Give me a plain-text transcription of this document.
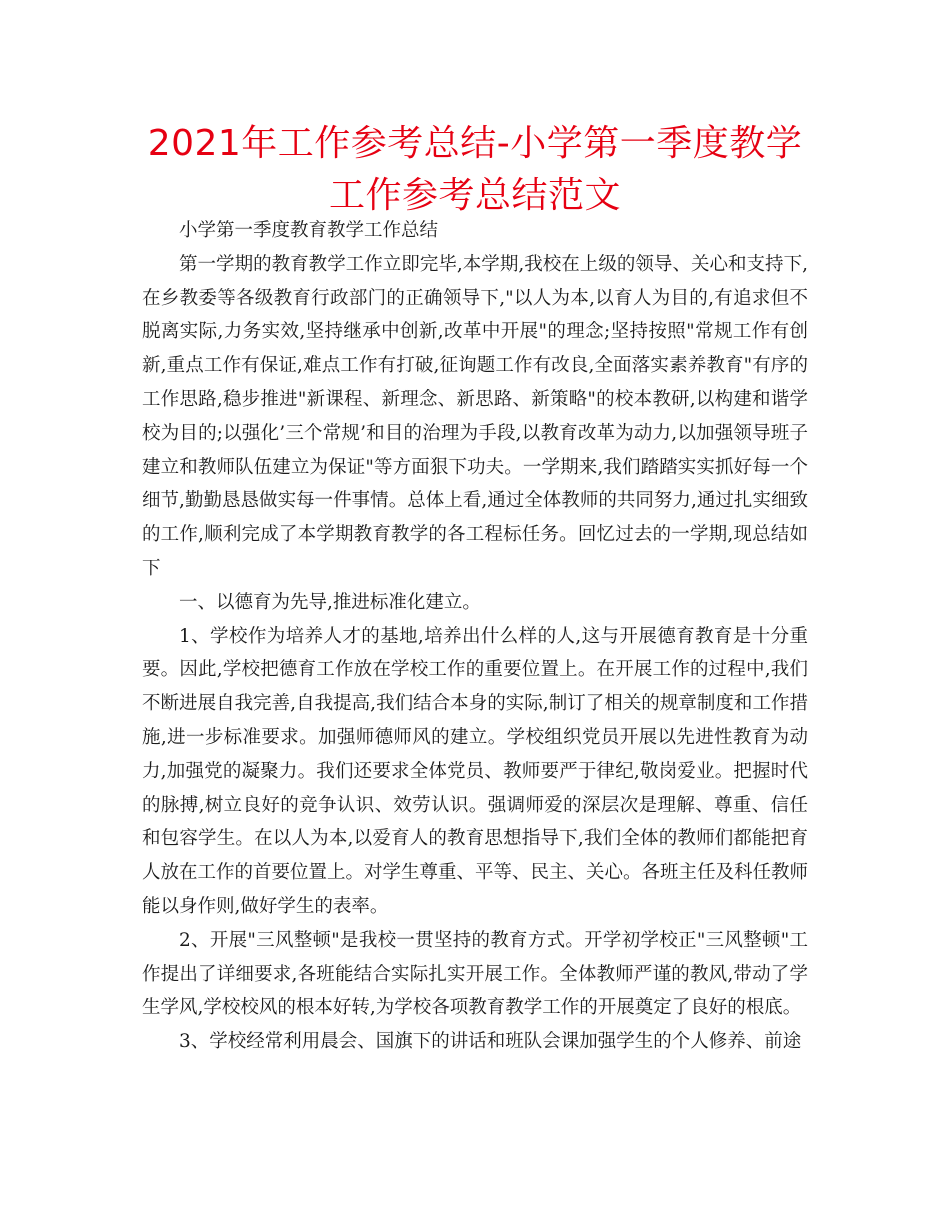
2021年工作参考总结-小学第一季度教学工作参考总结范文

小学第一季度教育教学工作总结

第一学期的教育教学工作立即完毕,本学期,我校在上级的领导、关心和支持下,在乡教委等各级教育行政部门的正确领导下,"以人为本,以育人为目的,有追求但不脱离实际,力务实效,坚持继承中创新,改革中开展"的理念;坚持按照"常规工作有创新,重点工作有保证,难点工作有打破,征询题工作有改良,全面落实素养教育"有序的工作思路,稳步推进"新课程、新理念、新思路、新策略"的校本教研,以构建和谐学校为目的;以强化’三个常规’和目的治理为手段,以教育改革为动力,以加强领导班子建立和教师队伍建立为保证"等方面狠下功夫。一学期来,我们踏踏实实抓好每一个细节,勤勤恳恳做实每一件事情。总体上看,通过全体教师的共同努力,通过扎实细致的工作,顺利完成了本学期教育教学的各工程标任务。回忆过去的一学期,现总结如下

一、以德育为先导,推进标准化建立。

1、学校作为培养人才的基地,培养出什么样的人,这与开展德育教育是十分重要。因此,学校把德育工作放在学校工作的重要位置上。在开展工作的过程中,我们不断进展自我完善,自我提高,我们结合本身的实际,制订了相关的规章制度和工作措施,进一步标准要求。加强师德师风的建立。学校组织党员开展以先进性教育为动力,加强党的凝聚力。我们还要求全体党员、教师要严于律纪,敬岗爱业。把握时代的脉搏,树立良好的竞争认识、效劳认识。强调师爱的深层次是理解、尊重、信任和包容学生。在以人为本,以爱育人的教育思想指导下,我们全体的教师们都能把育人放在工作的首要位置上。对学生尊重、平等、民主、关心。各班主任及科任教师能以身作则,做好学生的表率。

2、开展"三风整顿"是我校一贯坚持的教育方式。开学初学校正"三风整顿"工作提出了详细要求,各班能结合实际扎实开展工作。全体教师严谨的教风,带动了学生学风,学校校风的根本好转,为学校各项教育教学工作的开展奠定了良好的根底。

3、学校经常利用晨会、国旗下的讲话和班队会课加强学生的个人修养、前途
